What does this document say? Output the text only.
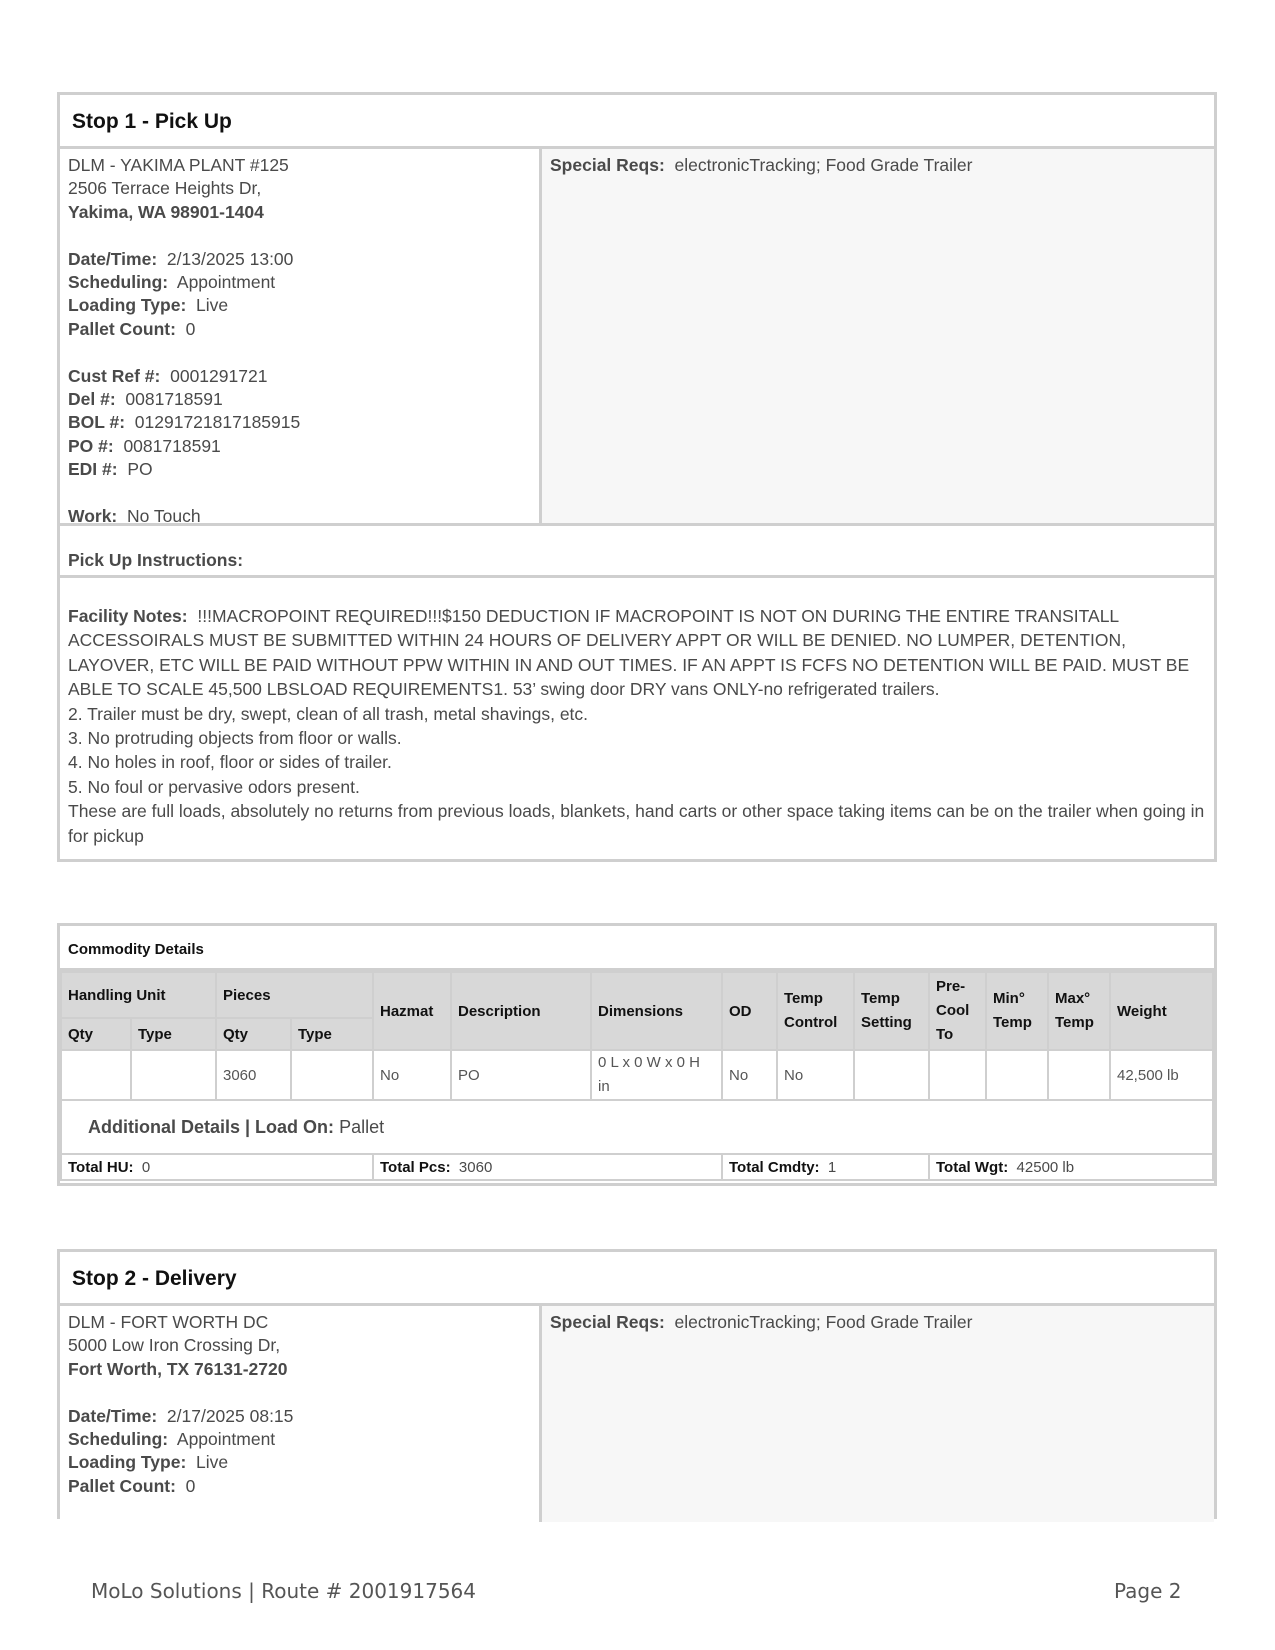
Stop 1 - Pick Up
DLM - YAKIMA PLANT #125
2506 Terrace Heights Dr,
Yakima, WA 98901-1404
Date/Time: 2/13/2025 13:00
Scheduling: Appointment
Loading Type: Live
Pallet Count: 0
Cust Ref #: 0001291721
Del #: 0081718591
BOL #: 01291721817185915
PO #: 0081718591
EDI #: PO
Work: No Touch
Special Reqs: electronicTracking; Food Grade Trailer
Pick Up Instructions:
Facility Notes: !!!MACROPOINT REQUIRED!!!$150 DEDUCTION IF MACROPOINT IS NOT ON DURING THE ENTIRE TRANSITALL ACCESSOIRALS MUST BE SUBMITTED WITHIN 24 HOURS OF DELIVERY APPT OR WILL BE DENIED. NO LUMPER, DETENTION, LAYOVER, ETC WILL BE PAID WITHOUT PPW WITHIN IN AND OUT TIMES. IF AN APPT IS FCFS NO DETENTION WILL BE PAID. MUST BE ABLE TO SCALE 45,500 LBSLOAD REQUIREMENTS1. 53’ swing door DRY vans ONLY-no refrigerated trailers.
2. Trailer must be dry, swept, clean of all trash, metal shavings, etc.
3. No protruding objects from floor or walls.
4. No holes in roof, floor or sides of trailer.
5. No foul or pervasive odors present.
These are full loads, absolutely no returns from previous loads, blankets, hand carts or other space taking items can be on the trailer when going in for pickup
Commodity Details
Handling Unit		Pieces		Hazmat	Description	Dimensions	OD	Temp Control	Temp Setting	Pre-Cool To	Min° Temp	Max° Temp	Weight
Qty	Type	Qty	Type										
		3060		No	PO	0 L x 0 W x 0 H in	No	No					42,500 lb
Additional Details | Load On: Pallet													
Total HU: 0				Total Pcs: 3060			Total Cmdty: 1			Total Wgt: 42500 lb			
Stop 2 - Delivery
DLM - FORT WORTH DC
5000 Low Iron Crossing Dr,
Fort Worth, TX 76131-2720
Date/Time: 2/17/2025 08:15
Scheduling: Appointment
Loading Type: Live
Pallet Count: 0
Special Reqs: electronicTracking; Food Grade Trailer
MoLo Solutions | Route # 2001917564	Page 2
